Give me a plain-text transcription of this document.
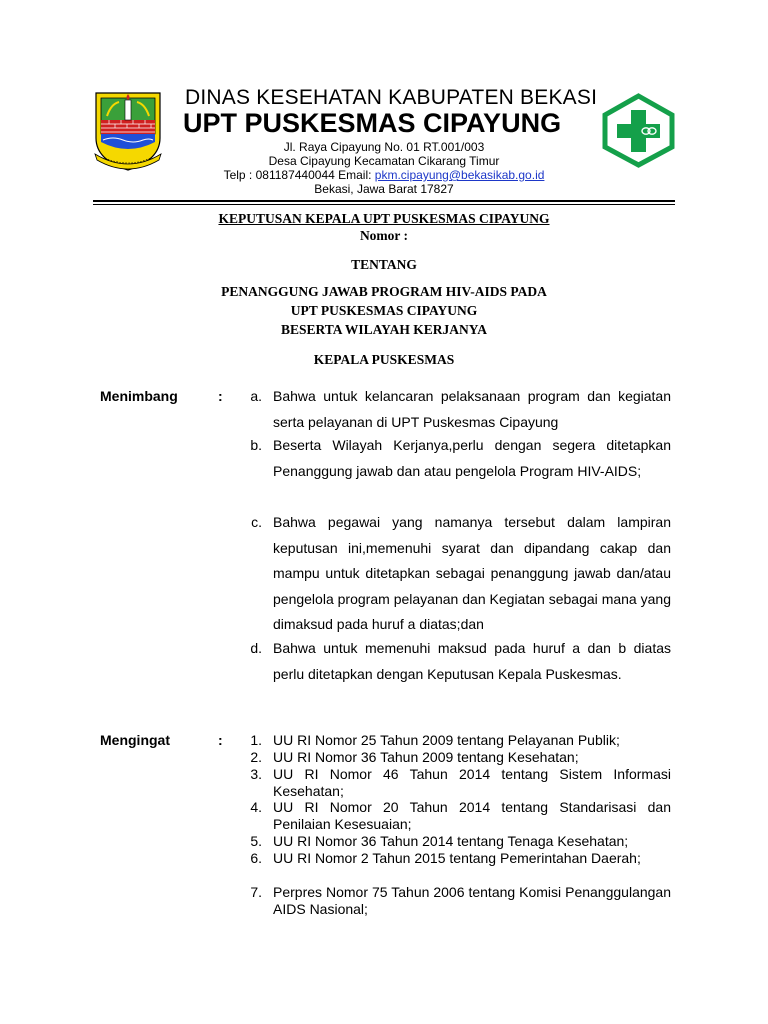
DINAS KESEHATAN KABUPATEN BEKASI
UPT PUSKESMAS CIPAYUNG
Jl. Raya Cipayung No. 01 RT.001/003
Desa Cipayung Kecamatan Cikarang Timur
Telp : 081187440044 Email: pkm.cipayung@bekasikab.go.id
Bekasi, Jawa Barat 17827
KEPUTUSAN KEPALA UPT PUSKESMAS CIPAYUNG
Nomor :
TENTANG
PENANGGUNG JAWAB PROGRAM HIV-AIDS PADA
UPT PUSKESMAS CIPAYUNG
BESERTA WILAYAH KERJANYA
KEPALA PUSKESMAS
Menimbang	:	a. Bahwa untuk kelancaran pelaksanaan program dan kegiatan serta pelayanan di UPT Puskesmas Cipayung
b. Beserta Wilayah Kerjanya,perlu dengan segera ditetapkan Penanggung jawab dan atau pengelola Program HIV-AIDS;
c. Bahwa pegawai yang namanya tersebut dalam lampiran keputusan ini,memenuhi syarat dan dipandang cakap dan mampu untuk ditetapkan sebagai penanggung jawab dan/atau pengelola program pelayanan dan Kegiatan sebagai mana yang dimaksud pada huruf a diatas;dan
d. Bahwa untuk memenuhi maksud pada huruf a dan b diatas perlu ditetapkan dengan Keputusan Kepala Puskesmas.
Mengingat	:	1. UU RI Nomor 25 Tahun 2009 tentang Pelayanan Publik;
2. UU RI Nomor 36 Tahun 2009 tentang Kesehatan;
3. UU RI Nomor 46 Tahun 2014 tentang Sistem Informasi Kesehatan;
4. UU RI Nomor 20 Tahun 2014 tentang Standarisasi dan Penilaian Kesesuaian;
5. UU RI Nomor 36 Tahun 2014 tentang Tenaga Kesehatan;
6. UU RI Nomor 2 Tahun 2015 tentang Pemerintahan Daerah;
7. Perpres Nomor 75 Tahun 2006 tentang Komisi Penanggulangan AIDS Nasional;
